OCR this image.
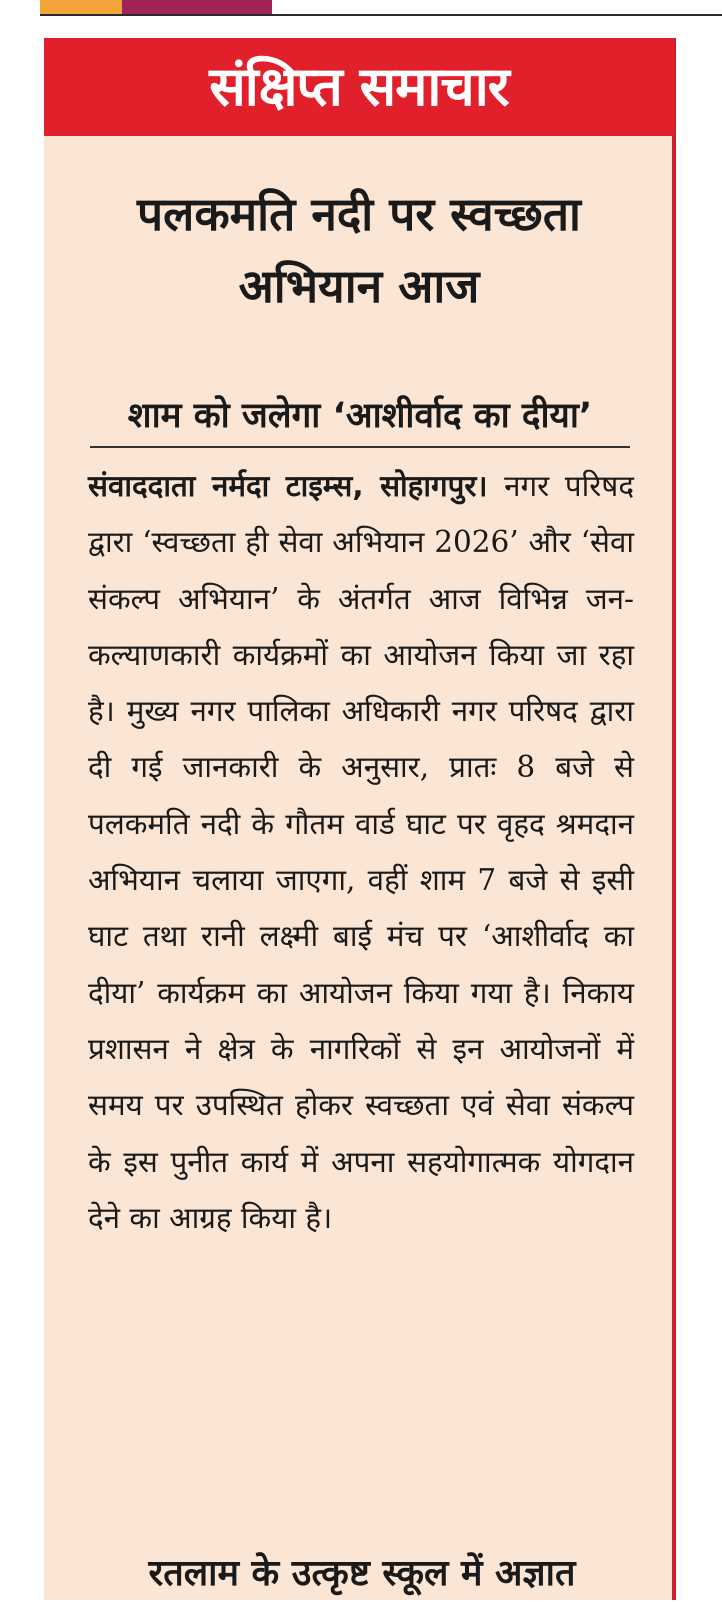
संक्षिप्त समाचार
पलकमति नदी पर स्वच्छता
अभियान आज
शाम को जलेगा ‘आशीर्वाद का दीया’
संवाददाता नर्मदा टाइम्स, सोहागपुर। नगर परिषद द्वारा ‘स्वच्छता ही सेवा अभियान 2026’ और ‘सेवा संकल्प अभियान’ के अंतर्गत आज विभिन्न जन-कल्याणकारी कार्यक्रमों का आयोजन किया जा रहा है। मुख्य नगर पालिका अधिकारी नगर परिषद द्वारा दी गई जानकारी के अनुसार, प्रातः 8 बजे से पलकमति नदी के गौतम वार्ड घाट पर वृहद श्रमदान अभियान चलाया जाएगा, वहीं शाम 7 बजे से इसी घाट तथा रानी लक्ष्मी बाई मंच पर ‘आशीर्वाद का दीया’ कार्यक्रम का आयोजन किया गया है। निकाय प्रशासन ने क्षेत्र के नागरिकों से इन आयोजनों में समय पर उपस्थित होकर स्वच्छता एवं सेवा संकल्प के इस पुनीत कार्य में अपना सहयोगात्मक योगदान देने का आग्रह किया है।
रतलाम के उत्कृष्ट स्कूल में अज्ञात
